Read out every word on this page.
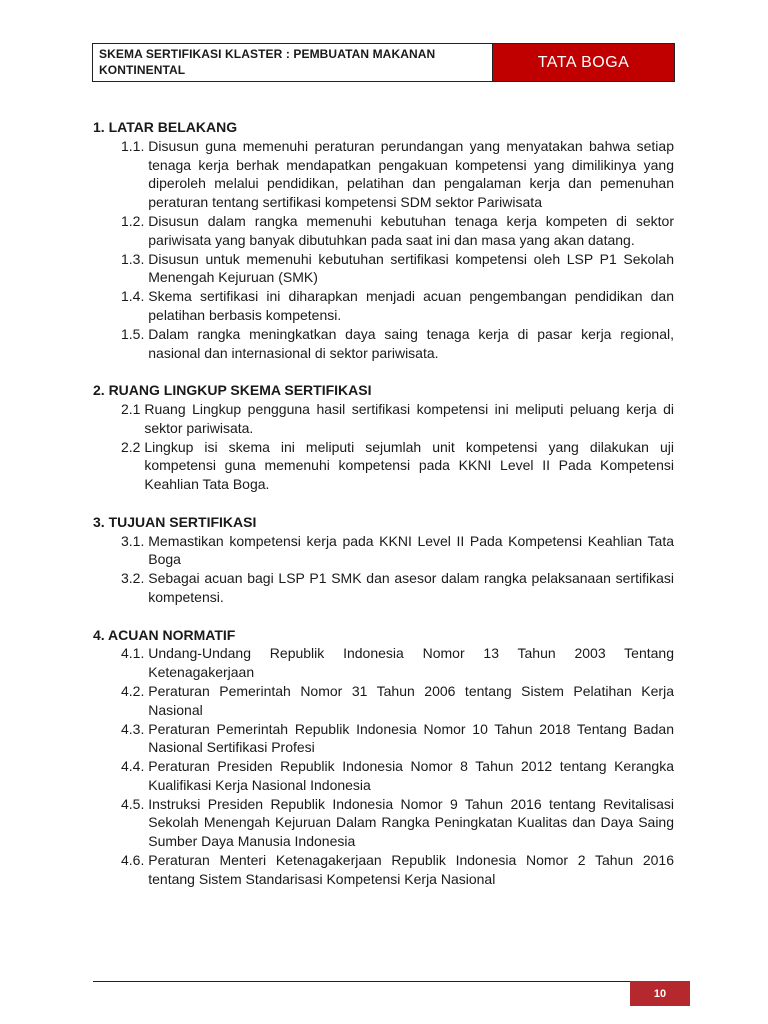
SKEMA SERTIFIKASI KLASTER : PEMBUATAN MAKANAN
KONTINENTAL	TATA BOGA

1. LATAR BELAKANG

1.1. Disusun guna memenuhi peraturan perundangan yang menyatakan bahwa setiap tenaga kerja berhak mendapatkan pengakuan kompetensi yang dimilikinya yang diperoleh melalui pendidikan, pelatihan dan pengalaman kerja dan pemenuhan peraturan tentang sertifikasi kompetensi SDM sektor Pariwisata
1.2. Disusun dalam rangka memenuhi kebutuhan tenaga kerja kompeten di sektor pariwisata yang banyak dibutuhkan pada saat ini dan masa yang akan datang.
1.3. Disusun untuk memenuhi kebutuhan sertifikasi kompetensi oleh LSP P1 Sekolah Menengah Kejuruan (SMK)
1.4. Skema sertifikasi ini diharapkan menjadi acuan pengembangan pendidikan dan pelatihan berbasis kompetensi.
1.5. Dalam rangka meningkatkan daya saing tenaga kerja di pasar kerja regional, nasional dan internasional di sektor pariwisata.

2. RUANG LINGKUP SKEMA SERTIFIKASI

2.1 Ruang Lingkup pengguna hasil sertifikasi kompetensi ini meliputi peluang kerja di sektor pariwisata.
2.2 Lingkup isi skema ini meliputi sejumlah unit kompetensi yang dilakukan uji kompetensi guna memenuhi kompetensi pada KKNI Level II Pada Kompetensi Keahlian Tata Boga.

3. TUJUAN SERTIFIKASI

3.1. Memastikan kompetensi kerja pada KKNI Level II Pada Kompetensi Keahlian Tata Boga
3.2. Sebagai acuan bagi LSP P1 SMK dan asesor dalam rangka pelaksanaan sertifikasi kompetensi.

4. ACUAN NORMATIF

4.1. Undang-Undang Republik Indonesia Nomor 13 Tahun 2003 Tentang Ketenagakerjaan
4.2. Peraturan Pemerintah Nomor 31 Tahun 2006 tentang Sistem Pelatihan Kerja Nasional
4.3. Peraturan Pemerintah Republik Indonesia Nomor 10 Tahun 2018 Tentang Badan Nasional Sertifikasi Profesi
4.4. Peraturan Presiden Republik Indonesia Nomor 8 Tahun 2012 tentang Kerangka Kualifikasi Kerja Nasional Indonesia
4.5. Instruksi Presiden Republik Indonesia Nomor 9 Tahun 2016 tentang Revitalisasi Sekolah Menengah Kejuruan Dalam Rangka Peningkatan Kualitas dan Daya Saing Sumber Daya Manusia Indonesia
4.6. Peraturan Menteri Ketenagakerjaan Republik Indonesia Nomor 2 Tahun 2016 tentang Sistem Standarisasi Kompetensi Kerja Nasional
10
